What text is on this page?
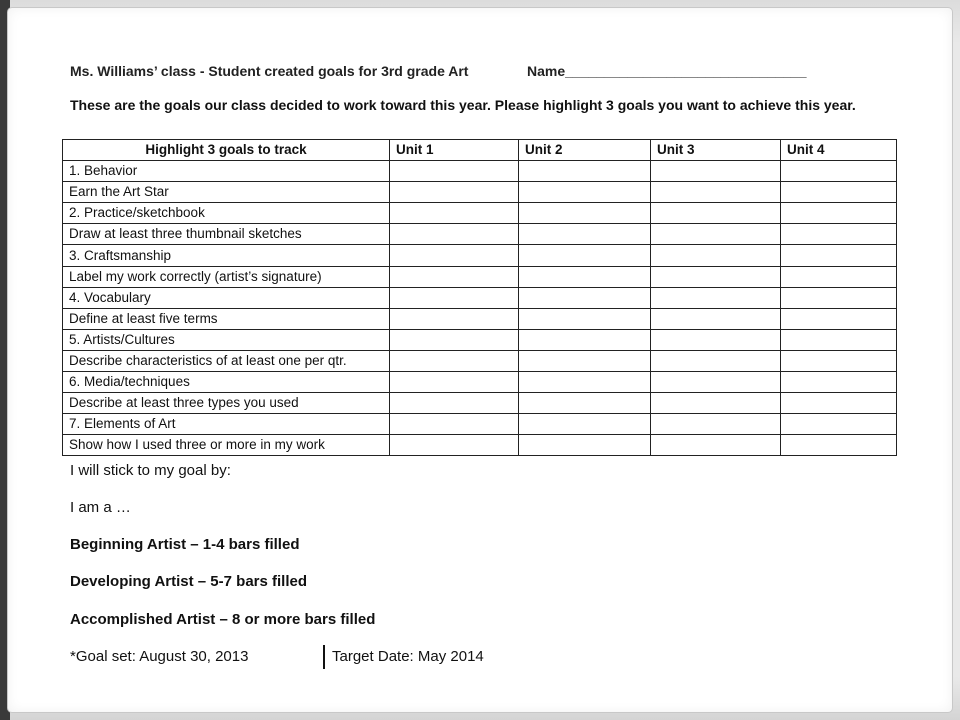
Ms. Williams’ class - Student created goals for 3rd grade Art	Name_______________________________
These are the goals our class decided to work toward this year. Please highlight 3 goals you want to achieve this year.
Highlight 3 goals to track	Unit 1	Unit 2	Unit 3	Unit 4
1. Behavior				
Earn the Art Star				
2. Practice/sketchbook				
Draw at least three thumbnail sketches				
3. Craftsmanship				
Label my work correctly (artist’s signature)				
4. Vocabulary				
Define at least five terms				
5. Artists/Cultures				
Describe characteristics of at least one per qtr.				
6. Media/techniques				
Describe at least three types you used				
7. Elements of Art				
Show how I used three or more in my work				
I will stick to my goal by:
I am a …
Beginning Artist – 1-4 bars filled
Developing Artist – 5-7 bars filled
Accomplished Artist – 8 or more bars filled
*Goal set: August 30, 2013	Target Date: May 2014
